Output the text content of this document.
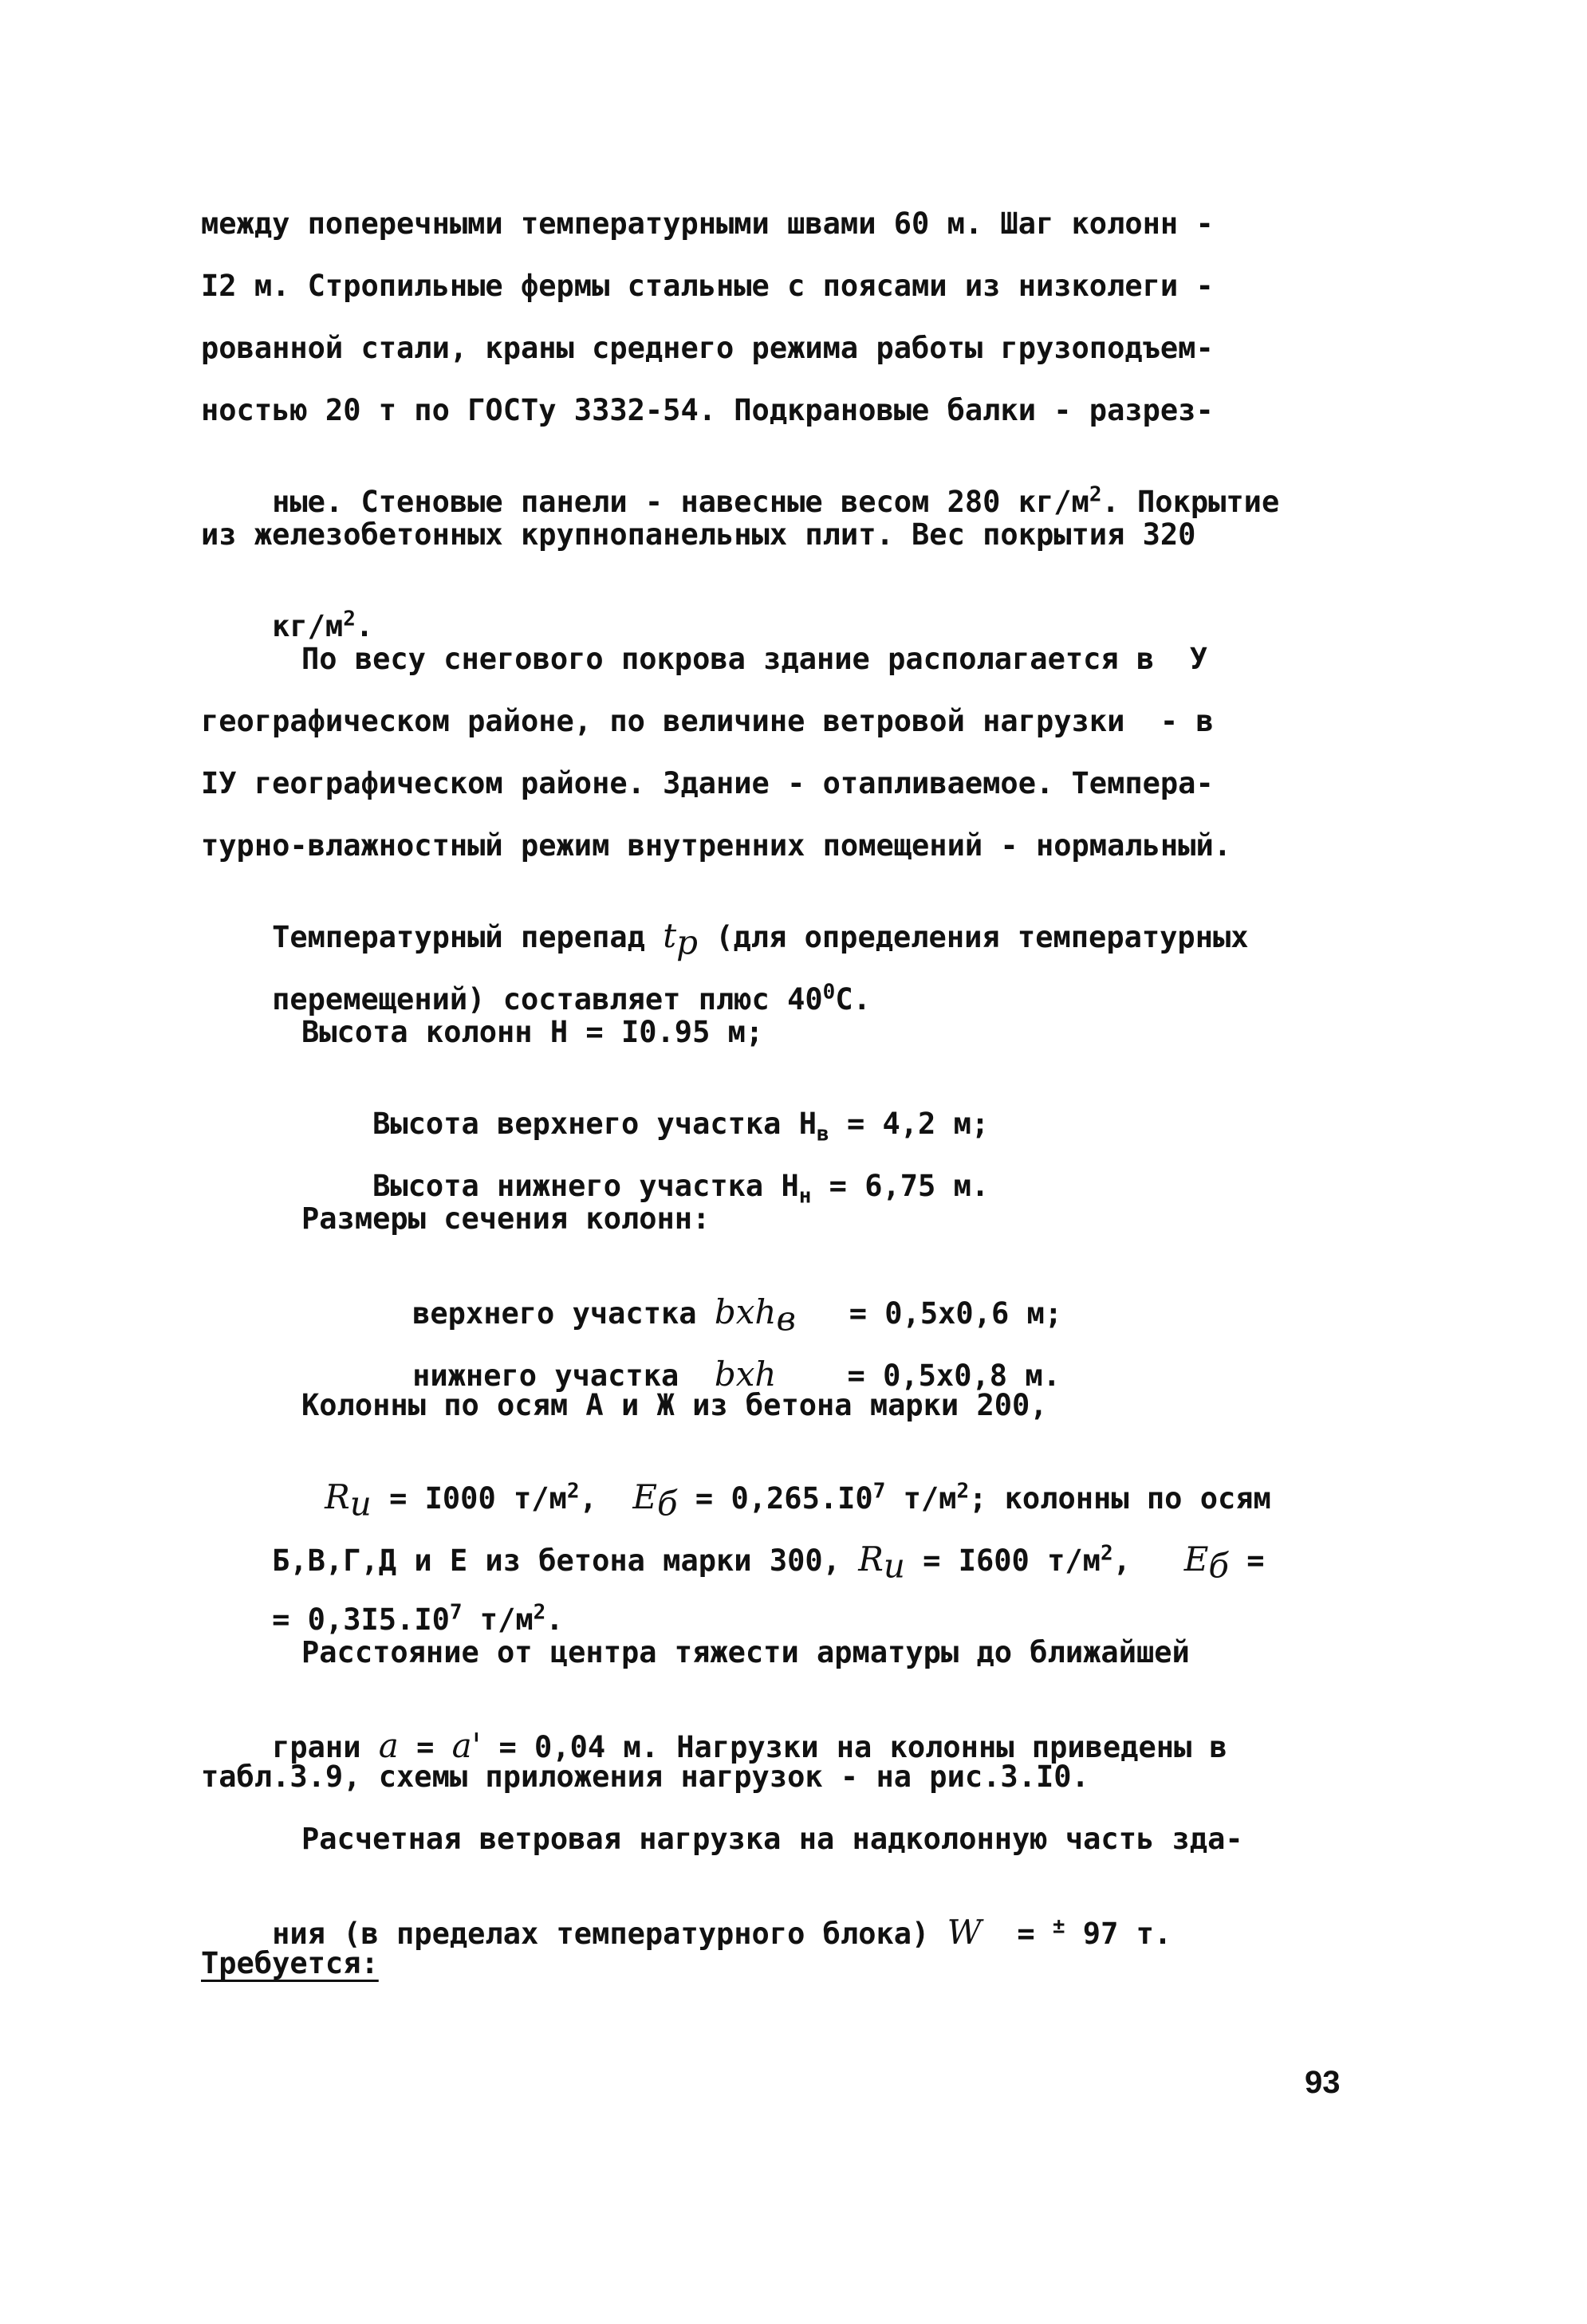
между поперечными температурными швами 60 м. Шаг колонн -
I2 м. Стропильные фермы стальные с поясами из низколеги -
рованной стали, краны среднего режима работы грузоподъем-
ностью 20 т по ГОСТу 3332-54. Подкрановые балки - разрез-

ные. Стеновые панели - навесные весом 280 $кг/м^2$. Покрытие

из железобетонных крупнопанельных плит. Вес покрытия 320

$кг/м^2$.

По весу снегового покрова здание располагается в  У
географическом районе, по величине ветровой нагрузки  - в
IУ географическом районе. Здание - отапливаемое. Темпера-
турно-влажностный режим внутренних помещений - нормальный.

Температурный перепад $t_p$ (для определения температурных

перемещений) составляет плюс $40^0С$.

Высота колонн Н = I0.95 м;

Высота верхнего участка $Н_в = 4,2$ м;

Высота нижнего участка $Н_н = 6,75$ м.

Размеры сечения колонн:

верхнего участка bxh$_в$   = 0,5х0,6 м;

нижнего участка  bxh    = 0,5х0,8 м.

Колонны по осям А и Ж из бетона марки 200,

$R_и = I000$ $т/м^2$,  $E_б = 0,265.I0^7$ $т/м^2$; колонны по осям

Б,В,Г,Д и Е из бетона марки 300, $R_и = I600$ $т/м^2$,   $E_б$ =

= $0,3I5.I0^7$ $т/м^2$.

Расстояние от центра тяжести арматуры до ближайшей

грани a = a' = 0,04 м. Нагрузки на колонны приведены в

табл.3.9, схемы приложения нагрузок - на рис.3.I0.
Расчетная ветровая нагрузка на надколонную часть зда-

ния (в пределах температурного блока) W  = ± 97 т.

Требуется:
93
